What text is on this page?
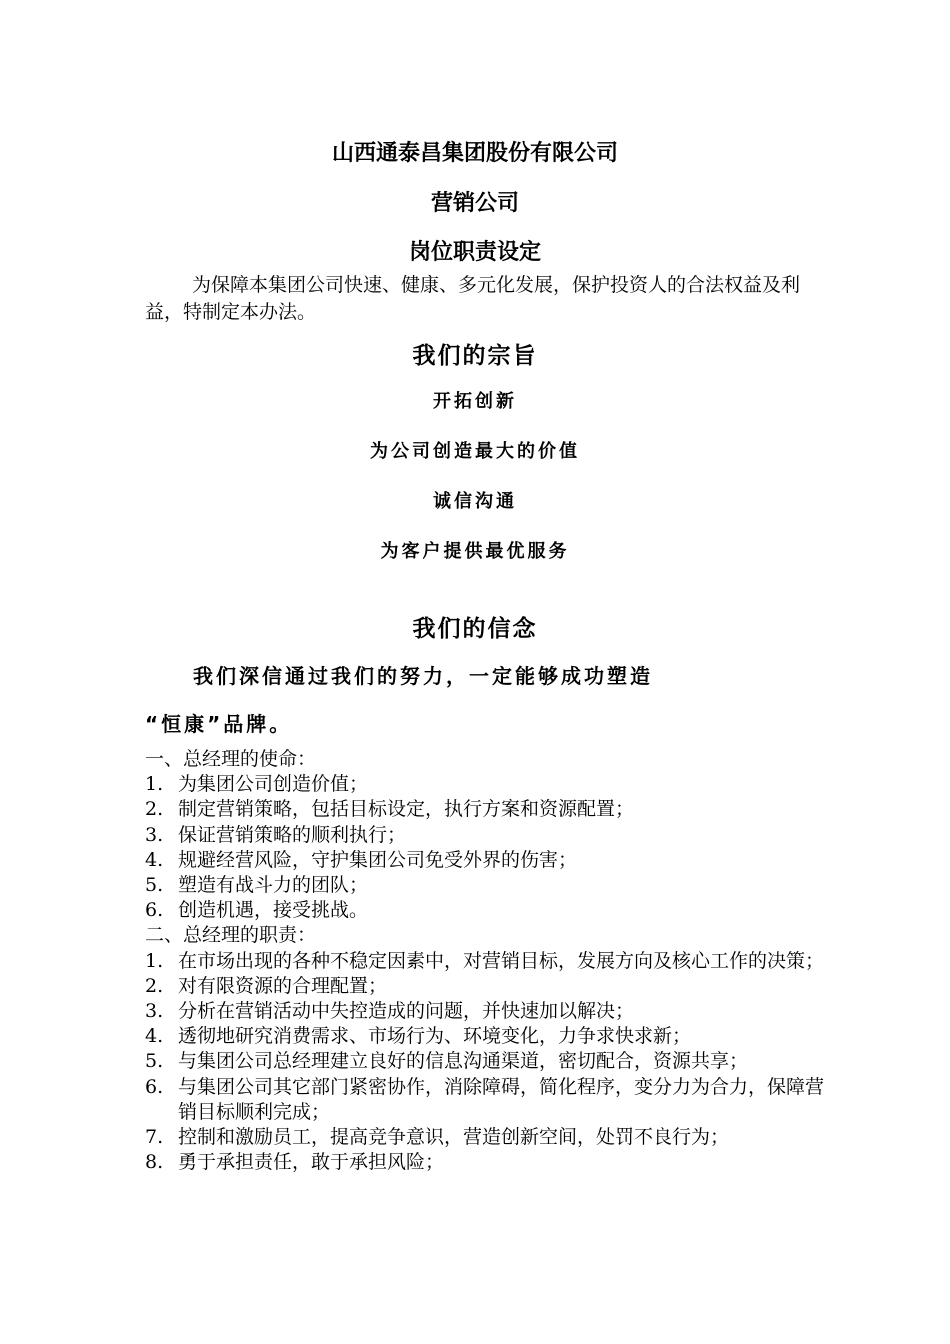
山西通泰昌集团股份有限公司
营销公司
岗位职责设定
为保障本集团公司快速、健康、多元化发展，保护投资人的合法权益及利益，特制定本办法。
我们的宗旨
开拓创新
为公司创造最大的价值
诚信沟通
为客户提供最优服务
我们的信念
我们深信通过我们的努力，一定能够成功塑造
“恒康”品牌。
一、总经理的使命：
1. 为集团公司创造价值；
2. 制定营销策略，包括目标设定，执行方案和资源配置；
3. 保证营销策略的顺利执行；
4. 规避经营风险，守护集团公司免受外界的伤害；
5. 塑造有战斗力的团队；
6. 创造机遇，接受挑战。
二、总经理的职责：
1. 在市场出现的各种不稳定因素中，对营销目标，发展方向及核心工作的决策；
2. 对有限资源的合理配置；
3. 分析在营销活动中失控造成的问题，并快速加以解决；
4. 透彻地研究消费需求、市场行为、环境变化，力争求快求新；
5. 与集团公司总经理建立良好的信息沟通渠道，密切配合，资源共享；
6. 与集团公司其它部门紧密协作，消除障碍，简化程序，变分力为合力，保障营销目标顺利完成；
7. 控制和激励员工，提高竞争意识，营造创新空间，处罚不良行为；
8. 勇于承担责任，敢于承担风险；
